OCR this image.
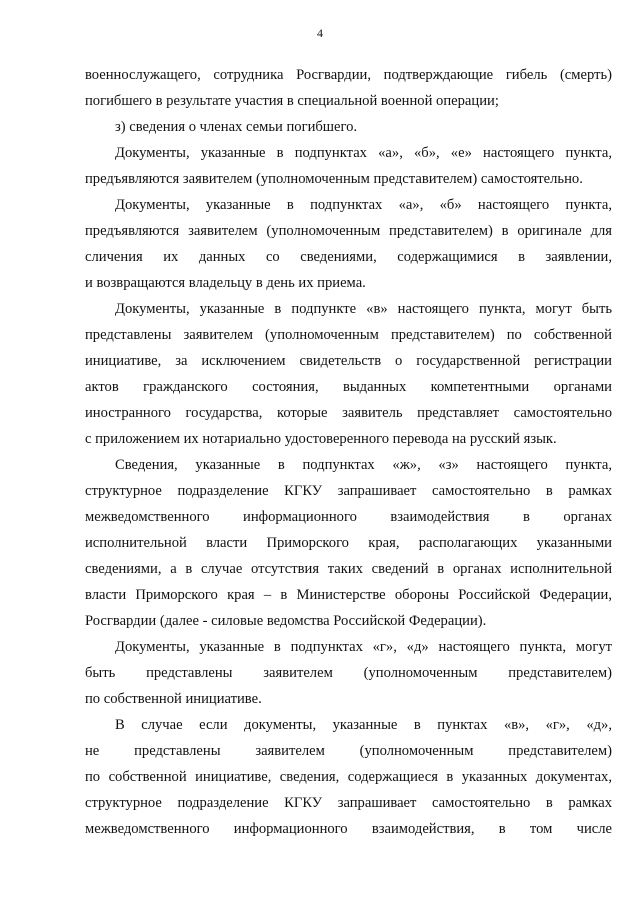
4
военнослужащего, сотрудника Росгвардии, подтверждающие гибель (смерть)
погибшего в результате участия в специальной военной операции;
з) сведения о членах семьи погибшего.
Документы, указанные в подпунктах «а», «б», «е» настоящего пункта,
предъявляются заявителем (уполномоченным представителем) самостоятельно.
Документы, указанные в подпунктах «а», «б» настоящего пункта,
предъявляются заявителем (уполномоченным представителем) в оригинале для
сличения их данных со сведениями, содержащимися в заявлении,
и возвращаются владельцу в день их приема.
Документы, указанные в подпункте «в» настоящего пункта, могут быть
представлены заявителем (уполномоченным представителем) по собственной
инициативе, за исключением свидетельств о государственной регистрации
актов гражданского состояния, выданных компетентными органами
иностранного государства, которые заявитель представляет самостоятельно
с приложением их нотариально удостоверенного перевода на русский язык.
Сведения, указанные в подпунктах «ж», «з» настоящего пункта,
структурное подразделение КГКУ запрашивает самостоятельно в рамках
межведомственного информационного взаимодействия в органах
исполнительной власти Приморского края, располагающих указанными
сведениями, а в случае отсутствия таких сведений в органах исполнительной
власти Приморского края – в Министерстве обороны Российской Федерации,
Росгвардии (далее - силовые ведомства Российской Федерации).
Документы, указанные в подпунктах «г», «д» настоящего пункта, могут
быть представлены заявителем (уполномоченным представителем)
по собственной инициативе.
В случае если документы, указанные в пунктах «в», «г», «д»,
не представлены заявителем (уполномоченным представителем)
по собственной инициативе, сведения, содержащиеся в указанных документах,
структурное подразделение КГКУ запрашивает самостоятельно в рамках
межведомственного информационного взаимодействия, в том числе
